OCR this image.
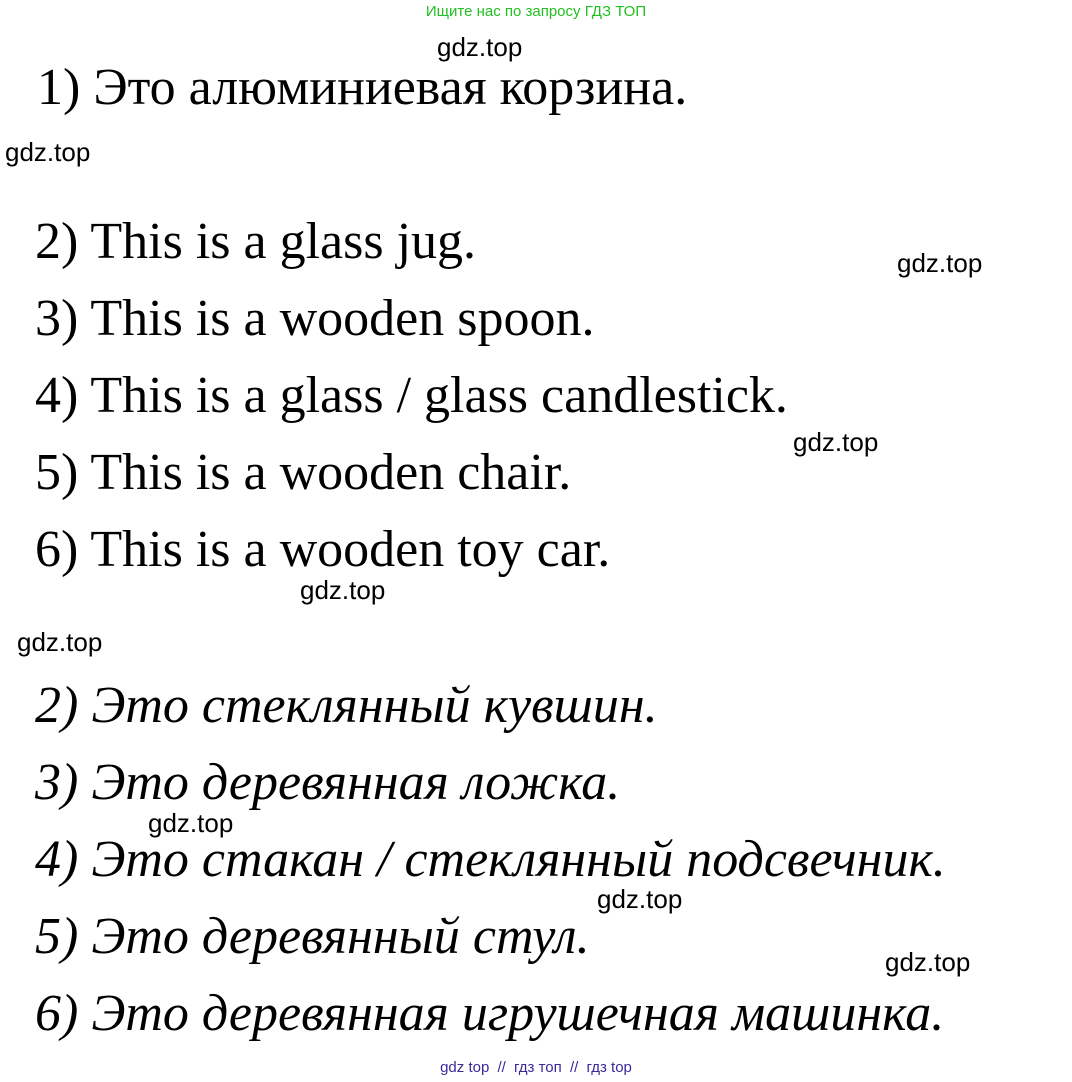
Ищите нас по запросу ГДЗ ТОП
gdz.top
gdz.top
gdz.top
gdz.top
gdz.top
gdz.top
gdz.top
gdz.top
gdz.top
1) Это алюминиевая корзина.
2) This is a glass jug.
3) This is a wooden spoon.
4) This is a glass / glass candlestick.
5) This is a wooden chair.
6) This is a wooden toy car.
2) Это стеклянный кувшин.
3) Это деревянная ложка.
4) Это стакан / стеклянный подсвечник.
5) Это деревянный стул.
6) Это деревянная игрушечная машинка.
gdz top // гдз топ // гдз top
